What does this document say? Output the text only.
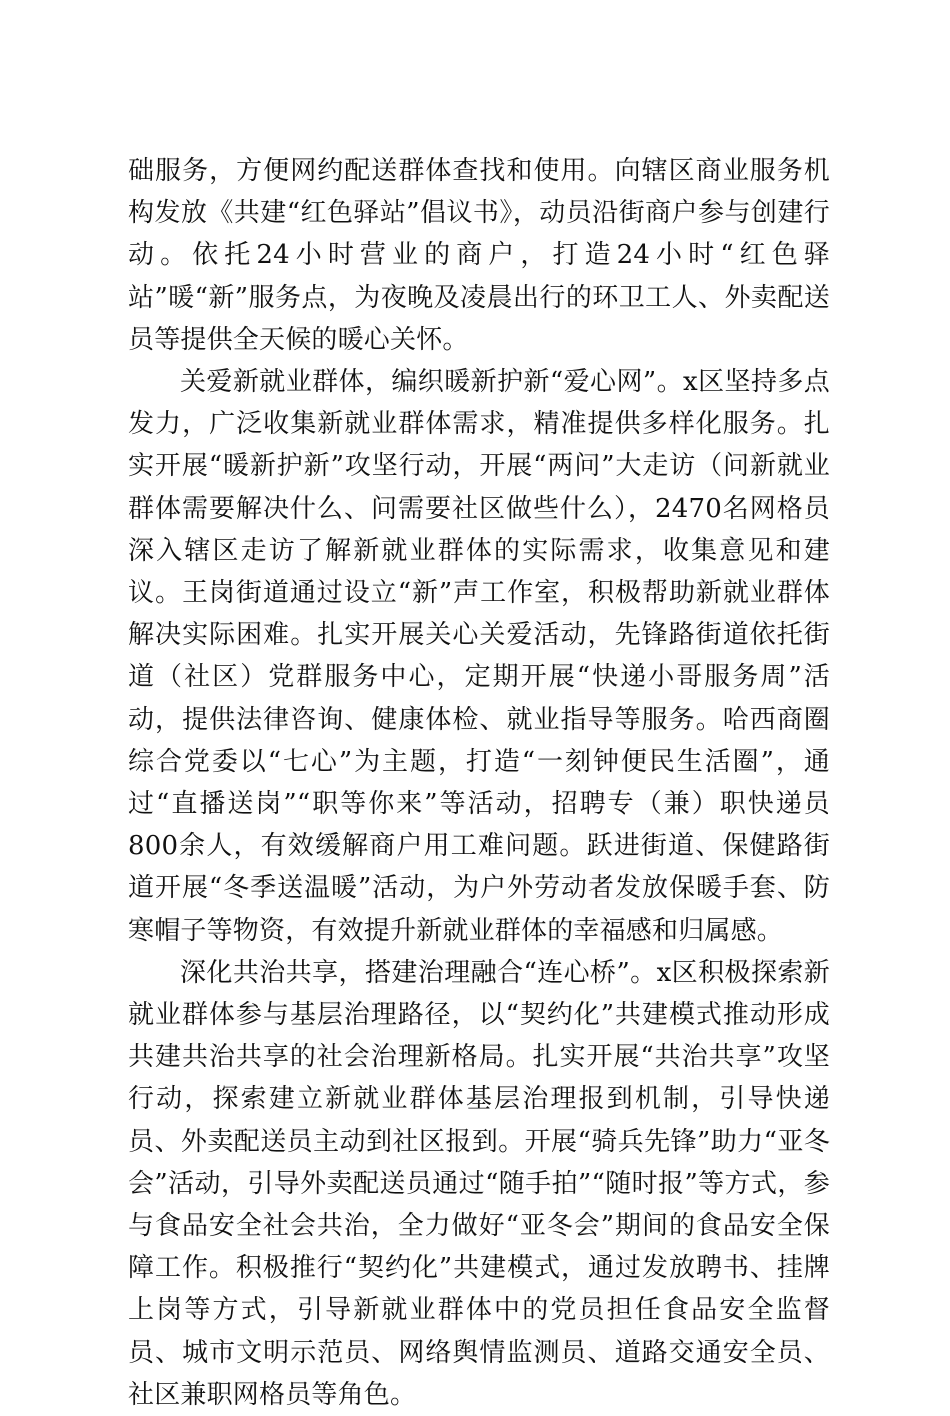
础服务，方便网约配送群体查找和使用。向辖区商业服务机构发放《共建“红色驿站”倡议书》，动员沿街商户参与创建行动。依托24小时营业的商户，打造24小时“红色驿站”暖“新”服务点，为夜晚及凌晨出行的环卫工人、外卖配送员等提供全天候的暖心关怀。

关爱新就业群体，编织暖新护新“爱心网”。x区坚持多点发力，广泛收集新就业群体需求，精准提供多样化服务。扎实开展“暖新护新”攻坚行动，开展“两问”大走访（问新就业群体需要解决什么、问需要社区做些什么），2470名网格员深入辖区走访了解新就业群体的实际需求，收集意见和建议。王岗街道通过设立“新”声工作室，积极帮助新就业群体解决实际困难。扎实开展关心关爱活动，先锋路街道依托街道（社区）党群服务中心，定期开展“快递小哥服务周”活动，提供法律咨询、健康体检、就业指导等服务。哈西商圈综合党委以“七心”为主题，打造“一刻钟便民生活圈”，通过“直播送岗”“职等你来”等活动，招聘专（兼）职快递员800余人，有效缓解商户用工难问题。跃进街道、保健路街道开展“冬季送温暖”活动，为户外劳动者发放保暖手套、防寒帽子等物资，有效提升新就业群体的幸福感和归属感。

深化共治共享，搭建治理融合“连心桥”。x区积极探索新就业群体参与基层治理路径，以“契约化”共建模式推动形成共建共治共享的社会治理新格局。扎实开展“共治共享”攻坚行动，探索建立新就业群体基层治理报到机制，引导快递员、外卖配送员主动到社区报到。开展“骑兵先锋”助力“亚冬会”活动，引导外卖配送员通过“随手拍”“随时报”等方式，参与食品安全社会共治，全力做好“亚冬会”期间的食品安全保障工作。积极推行“契约化”共建模式，通过发放聘书、挂牌上岗等方式，引导新就业群体中的党员担任食品安全监督员、城市文明示范员、网络舆情监测员、道路交通安全员、社区兼职网格员等角色。
